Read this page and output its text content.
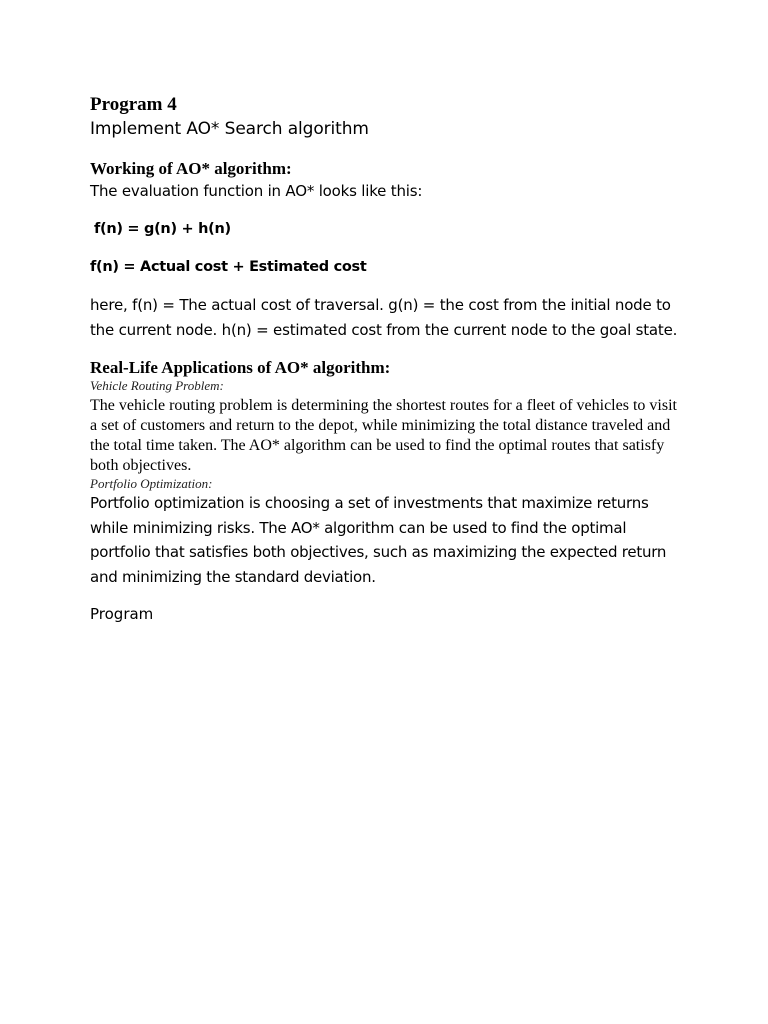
Program 4

Implement AO* Search algorithm

Working of AO* algorithm:

The evaluation function in AO* looks like this:

f(n) = g(n) + h(n)

f(n) = Actual cost + Estimated cost

here, f(n) = The actual cost of traversal. g(n) = the cost from the initial node to the current node. h(n) = estimated cost from the current node to the goal state.

Real-Life Applications of AO* algorithm:

Vehicle Routing Problem:

The vehicle routing problem is determining the shortest routes for a fleet of vehicles to visit a set of customers and return to the depot, while minimizing the total distance traveled and the total time taken. The AO* algorithm can be used to find the optimal routes that satisfy both objectives.

Portfolio Optimization:

Portfolio optimization is choosing a set of investments that maximize returns while minimizing risks. The AO* algorithm can be used to find the optimal portfolio that satisfies both objectives, such as maximizing the expected return and minimizing the standard deviation.

Program
